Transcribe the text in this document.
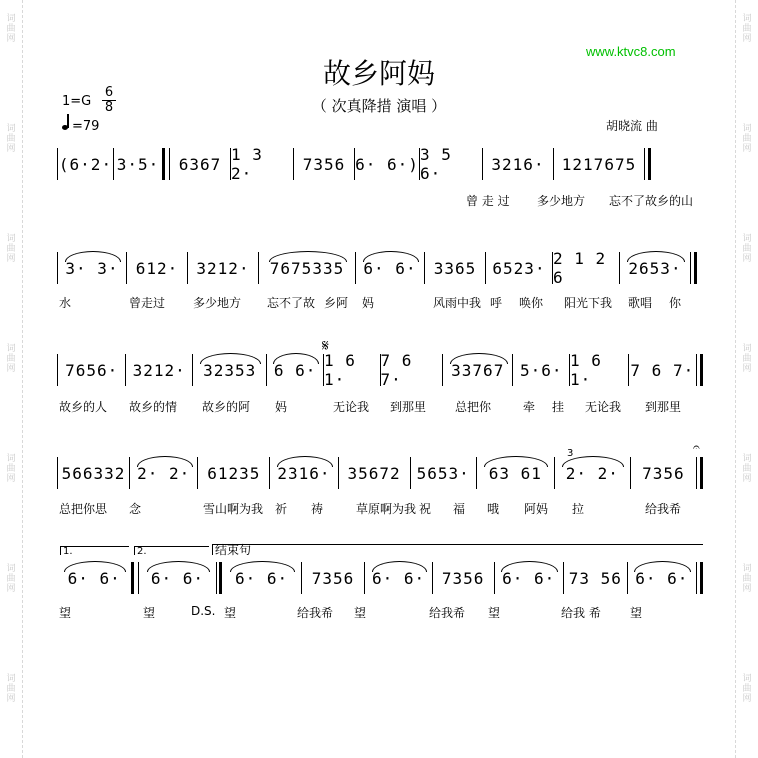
词
曲
网
词
曲
网
词
曲
网
词
曲
网
词
曲
网
词
曲
网
词
曲
网
词
曲
网
词
曲
网
词
曲
网
词
曲
网
词
曲
网
词
曲
网
词
曲
网
www.ktvc8.com
故乡阿妈
（ 次真降措 演唱 ）
1=G
6
8
=79	胡晓流 曲
(6·2· 3·5· 6367 1 3 2·	7356 6· 6·) 3 5 6·	3216· 1217675
曾 走 过 多少地方 忘不了故乡的山
3· 3· 612· 3212· 7675335 6· 6· 3365 6523· 2 1 2 6	2653·
水	曾走过 多少地方 忘不了故 乡阿 妈	风雨中我 呼 唤你 阳光下我 歌唱 你
7656· 3212· 32353 6 6· 1 6 1·
7 6 7·	33767 5·6· 1 6 1·	7 6 7·
故乡的人 故乡的情 故乡的阿 妈	无论我 到那里 总把你	牵 挂 无论我 到那里
566332 2· 2· 61235 2316· 35672 5653· 63 61 2· 2· 7356
总把你思 念	雪山啊为我 祈 祷	草原啊为我 祝 福 哦 阿妈 拉	给我希
6· 6· 6· 6· 6· 6· 7356 6· 6· 7356 6· 6· 73 56 6· 6·
望	望	D.S. 望	给我希 望	给我希 望	给我 希 望
1.	2.	结束句
𝄋
3	𝄐
